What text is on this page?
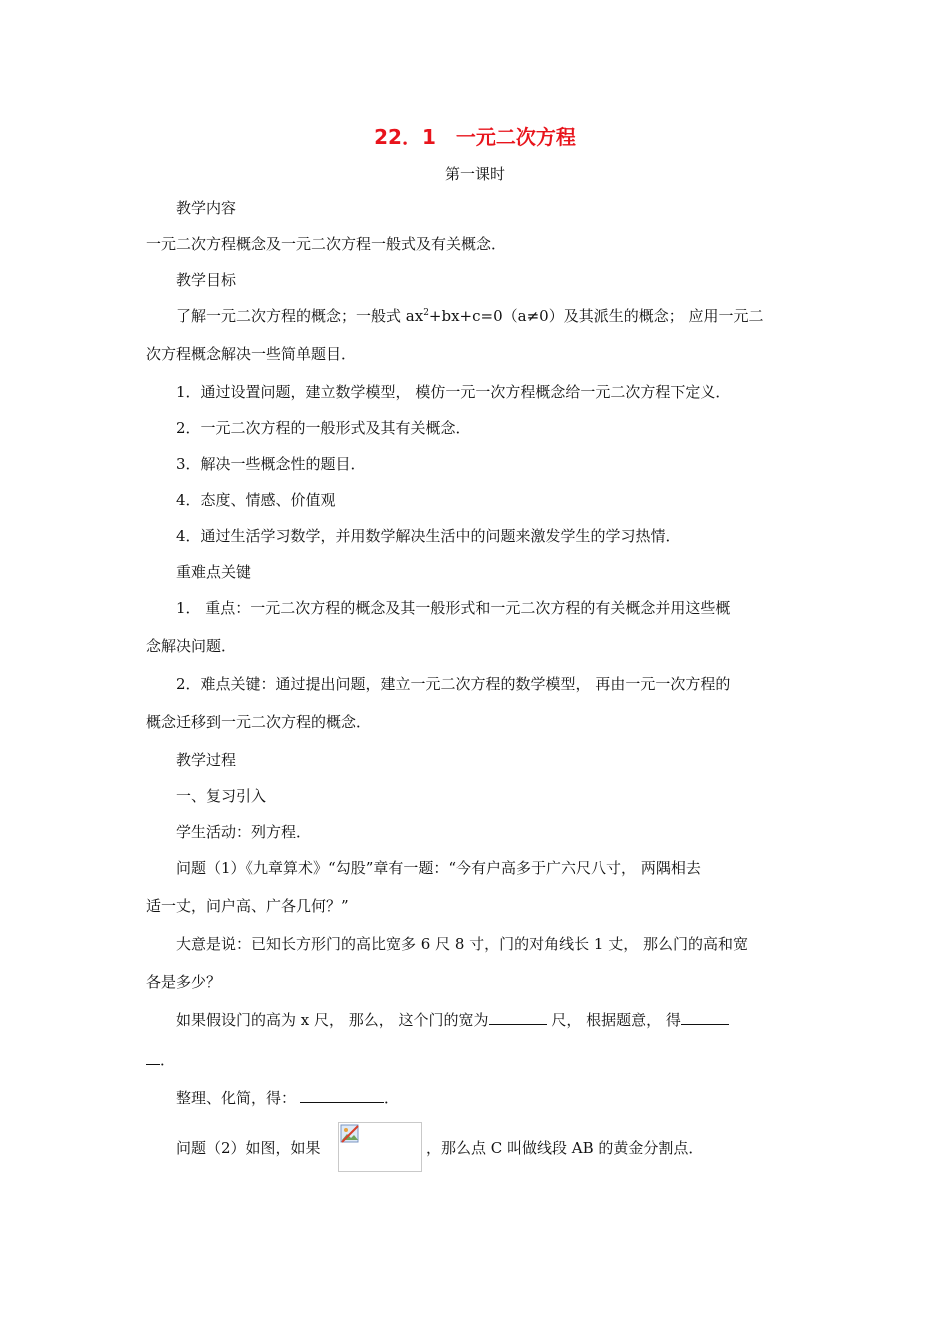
22．1　一元二次方程
第一课时
教学内容
一元二次方程概念及一元二次方程一般式及有关概念．
教学目标
了解一元二次方程的概念；一般式 $ax^2+bx+c=0(a\ne 0)$及其派生的概念； 应用一元二
次方程概念解决一些简单题目．
1．通过设置问题，建立数学模型， 模仿一元一次方程概念给一元二次方程下定义．
2．一元二次方程的一般形式及其有关概念．
3．解决一些概念性的题目．
4．态度、情感、价值观
4．通过生活学习数学，并用数学解决生活中的问题来激发学生的学习热情．
重难点关键
1． 重点：一元二次方程的概念及其一般形式和一元二次方程的有关概念并用这些概
念解决问题．
2．难点关键：通过提出问题，建立一元二次方程的数学模型， 再由一元一次方程的
概念迁移到一元二次方程的概念．
教学过程
一、复习引入
学生活动：列方程．
问题（1）《九章算术》“勾股”章有一题：“今有户高多于广六尺八寸， 两隅相去
适一丈，问户高、广各几何？”
大意是说：已知长方形门的高比宽多 6 尺 8 寸，门的对角线长 1 丈， 那么门的高和宽
各是多少？
如果假设门的高为 x 尺， 那么， 这个门的宽为	尺， 根据题意， 得
．
整理、化简，得：	．
问题（2）如图，如果	，那么点 C 叫做线段 AB 的黄金分割点．
